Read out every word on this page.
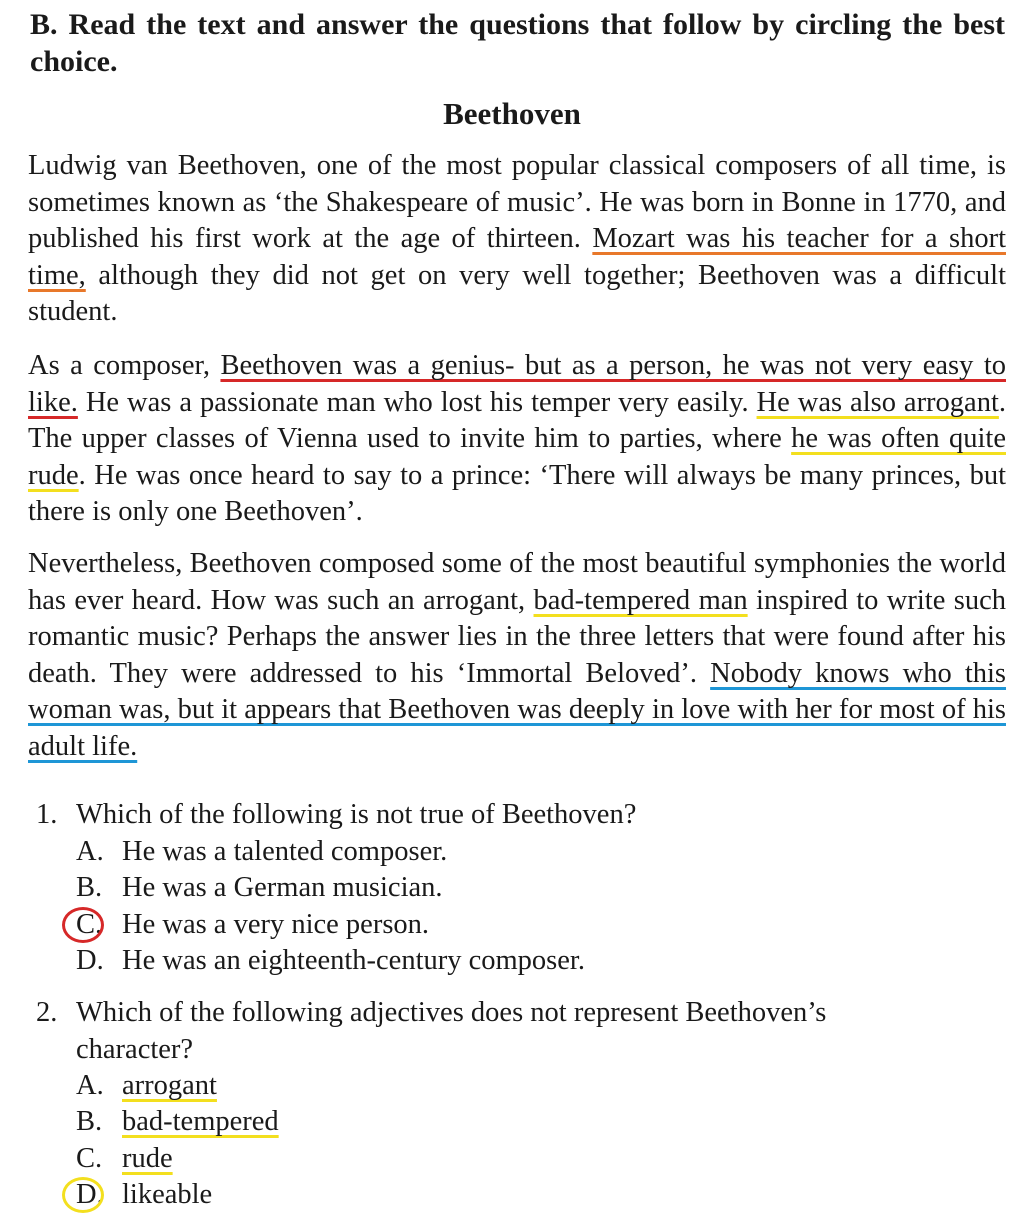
B. Read the text and answer the questions that follow by circling the best choice.
Beethoven
Ludwig van Beethoven, one of the most popular classical composers of all time, is sometimes known as ‘the Shakespeare of music’. He was born in Bonne in 1770, and published his first work at the age of thirteen. Mozart was his teacher for a short time, although they did not get on very well together; Beethoven was a difficult student.
As a composer, Beethoven was a genius- but as a person, he was not very easy to like. He was a passionate man who lost his temper very easily. He was also arrogant. The upper classes of Vienna used to invite him to parties, where he was often quite rude. He was once heard to say to a prince: ‘There will always be many princes, but there is only one Beethoven’.
Nevertheless, Beethoven composed some of the most beautiful symphonies the world has ever heard. How was such an arrogant, bad-tempered man inspired to write such romantic music? Perhaps the answer lies in the three letters that were found after his death. They were addressed to his ‘Immortal Beloved’. Nobody knows who this woman was, but it appears that Beethoven was deeply in love with her for most of his adult life.
1. Which of the following is not true of Beethoven?
A. He was a talented composer.
B. He was a German musician.
C. He was a very nice person.
D. He was an eighteenth-century composer.
2. Which of the following adjectives does not represent Beethoven’s character?
A. arrogant
B. bad-tempered
C. rude
D. likeable
